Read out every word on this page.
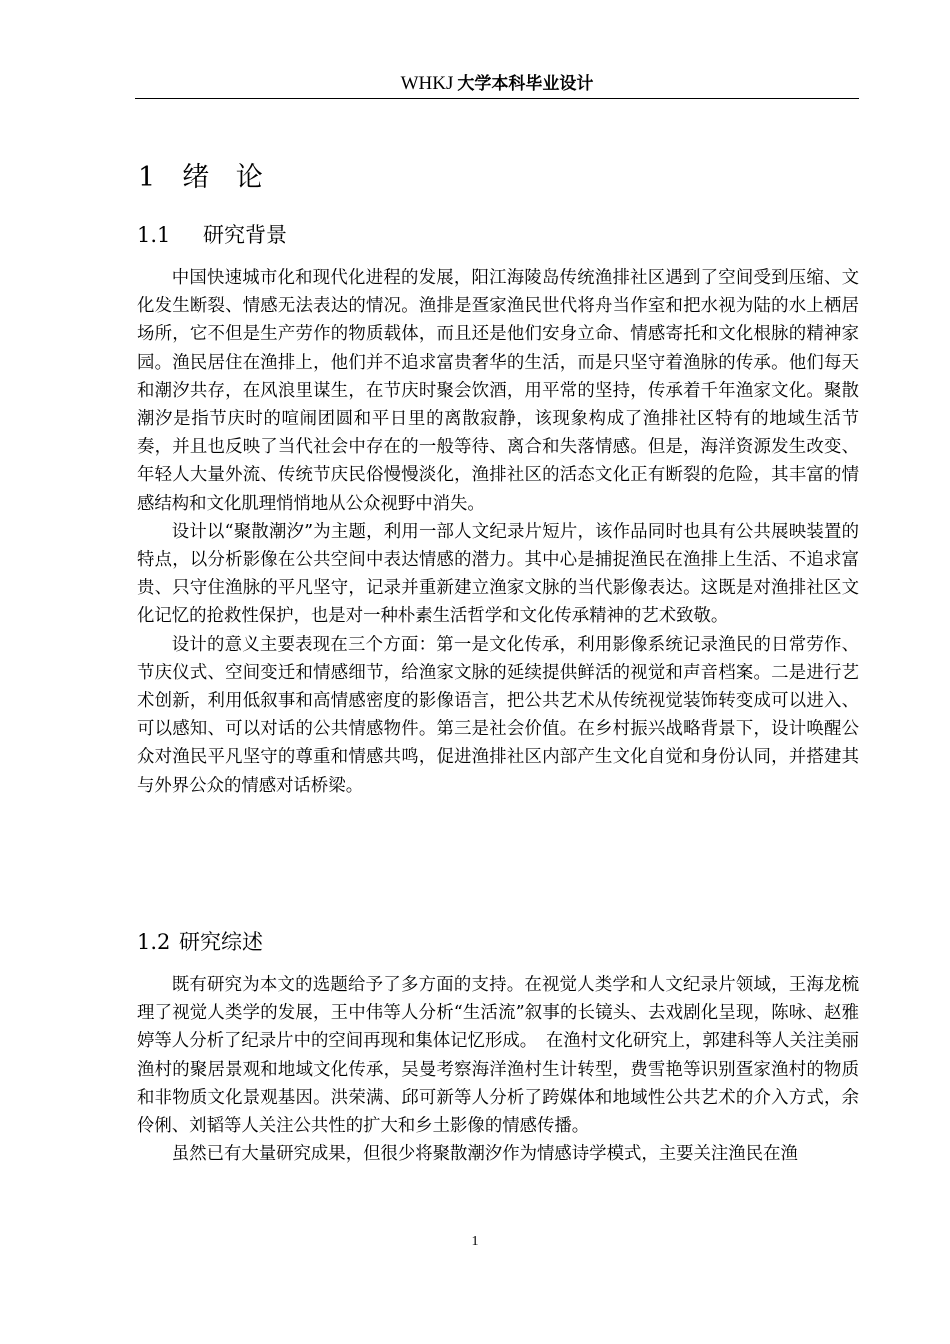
WHKJ 大学本科毕业设计
1 绪 论
1.1 研究背景

中国快速城市化和现代化进程的发展，阳江海陵岛传统渔排社区遇到了空间受到压缩、文化发生断裂、情感无法表达的情况。渔排是疍家渔民世代将舟当作室和把水视为陆的水上栖居场所，它不但是生产劳作的物质载体，而且还是他们安身立命、情感寄托和文化根脉的精神家园。渔民居住在渔排上，他们并不追求富贵奢华的生活，而是只坚守着渔脉的传承。他们每天和潮汐共存，在风浪里谋生，在节庆时聚会饮酒，用平常的坚持，传承着千年渔家文化。聚散潮汐是指节庆时的喧闹团圆和平日里的离散寂静，该现象构成了渔排社区特有的地域生活节奏，并且也反映了当代社会中存在的一般等待、离合和失落情感。但是，海洋资源发生改变、年轻人大量外流、传统节庆民俗慢慢淡化，渔排社区的活态文化正有断裂的危险，其丰富的情感结构和文化肌理悄悄地从公众视野中消失。

设计以“聚散潮汐”为主题，利用一部人文纪录片短片，该作品同时也具有公共展映装置的特点，以分析影像在公共空间中表达情感的潜力。其中心是捕捉渔民在渔排上生活、不追求富贵、只守住渔脉的平凡坚守，记录并重新建立渔家文脉的当代影像表达。这既是对渔排社区文化记忆的抢救性保护，也是对一种朴素生活哲学和文化传承精神的艺术致敬。

设计的意义主要表现在三个方面：第一是文化传承，利用影像系统记录渔民的日常劳作、节庆仪式、空间变迁和情感细节，给渔家文脉的延续提供鲜活的视觉和声音档案。二是进行艺术创新，利用低叙事和高情感密度的影像语言，把公共艺术从传统视觉装饰转变成可以进入、可以感知、可以对话的公共情感物件。第三是社会价值。在乡村振兴战略背景下，设计唤醒公众对渔民平凡坚守的尊重和情感共鸣，促进渔排社区内部产生文化自觉和身份认同，并搭建其与外界公众的情感对话桥梁。

1.2 研究综述

既有研究为本文的选题给予了多方面的支持。在视觉人类学和人文纪录片领域，王海龙梳理了视觉人类学的发展，王中伟等人分析“生活流”叙事的长镜头、去戏剧化呈现，陈咏、赵雅婷等人分析了纪录片中的空间再现和集体记忆形成。　在渔村文化研究上，郭建科等人关注美丽渔村的聚居景观和地域文化传承，吴曼考察海洋渔村生计转型，费雪艳等识别疍家渔村的物质和非物质文化景观基因。洪荣满、邱可新等人分析了跨媒体和地域性公共艺术的介入方式，余伶俐、刘韬等人关注公共性的扩大和乡土影像的情感传播。

虽然已有大量研究成果，但很少将聚散潮汐作为情感诗学模式，主要关注渔民在渔

1
